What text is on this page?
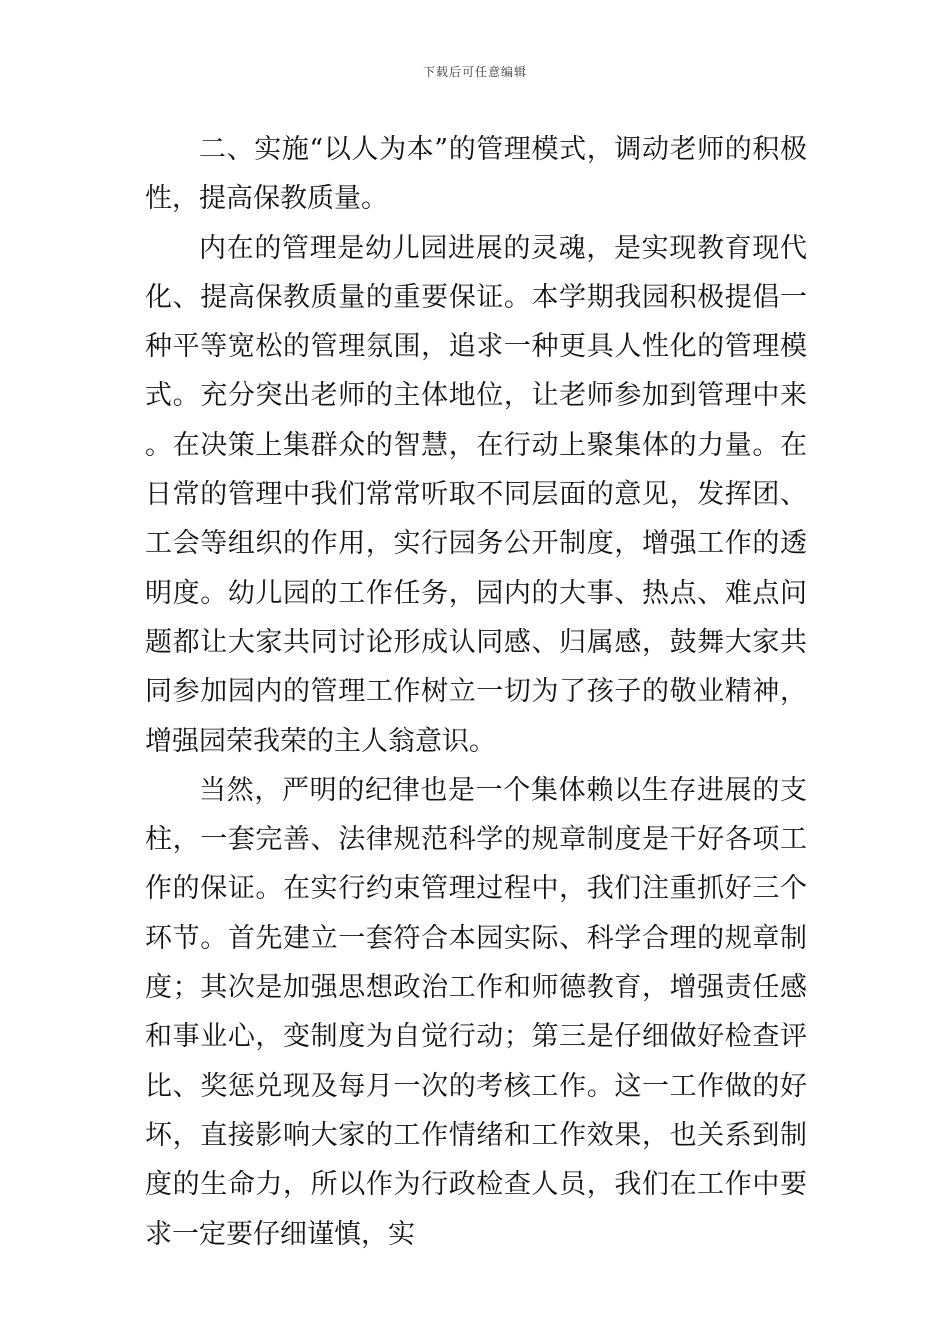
下载后可任意编辑

二、实施“以人为本”的管理模式，调动老师的积极性，提高保教质量。

内在的管理是幼儿园进展的灵魂，是实现教育现代化、提高保教质量的重要保证。本学期我园积极提倡一种平等宽松的管理氛围，追求一种更具人性化的管理模式。充分突出老师的主体地位，让老师参加到管理中来。在决策上集群众的智慧，在行动上聚集体的力量。在日常的管理中我们常常听取不同层面的意见，发挥团、工会等组织的作用，实行园务公开制度，增强工作的透明度。幼儿园的工作任务，园内的大事、热点、难点问题都让大家共同讨论形成认同感、归属感，鼓舞大家共同参加园内的管理工作树立一切为了孩子的敬业精神，增强园荣我荣的主人翁意识。

当然，严明的纪律也是一个集体赖以生存进展的支柱，一套完善、法律规范科学的规章制度是干好各项工作的保证。在实行约束管理过程中，我们注重抓好三个环节。首先建立一套符合本园实际、科学合理的规章制度；其次是加强思想政治工作和师德教育，增强责任感和事业心，变制度为自觉行动；第三是仔细做好检查评比、奖惩兑现及每月一次的考核工作。这一工作做的好坏，直接影响大家的工作情绪和工作效果，也关系到制度的生命力，所以作为行政检查人员，我们在工作中要求一定要仔细谨慎，实
